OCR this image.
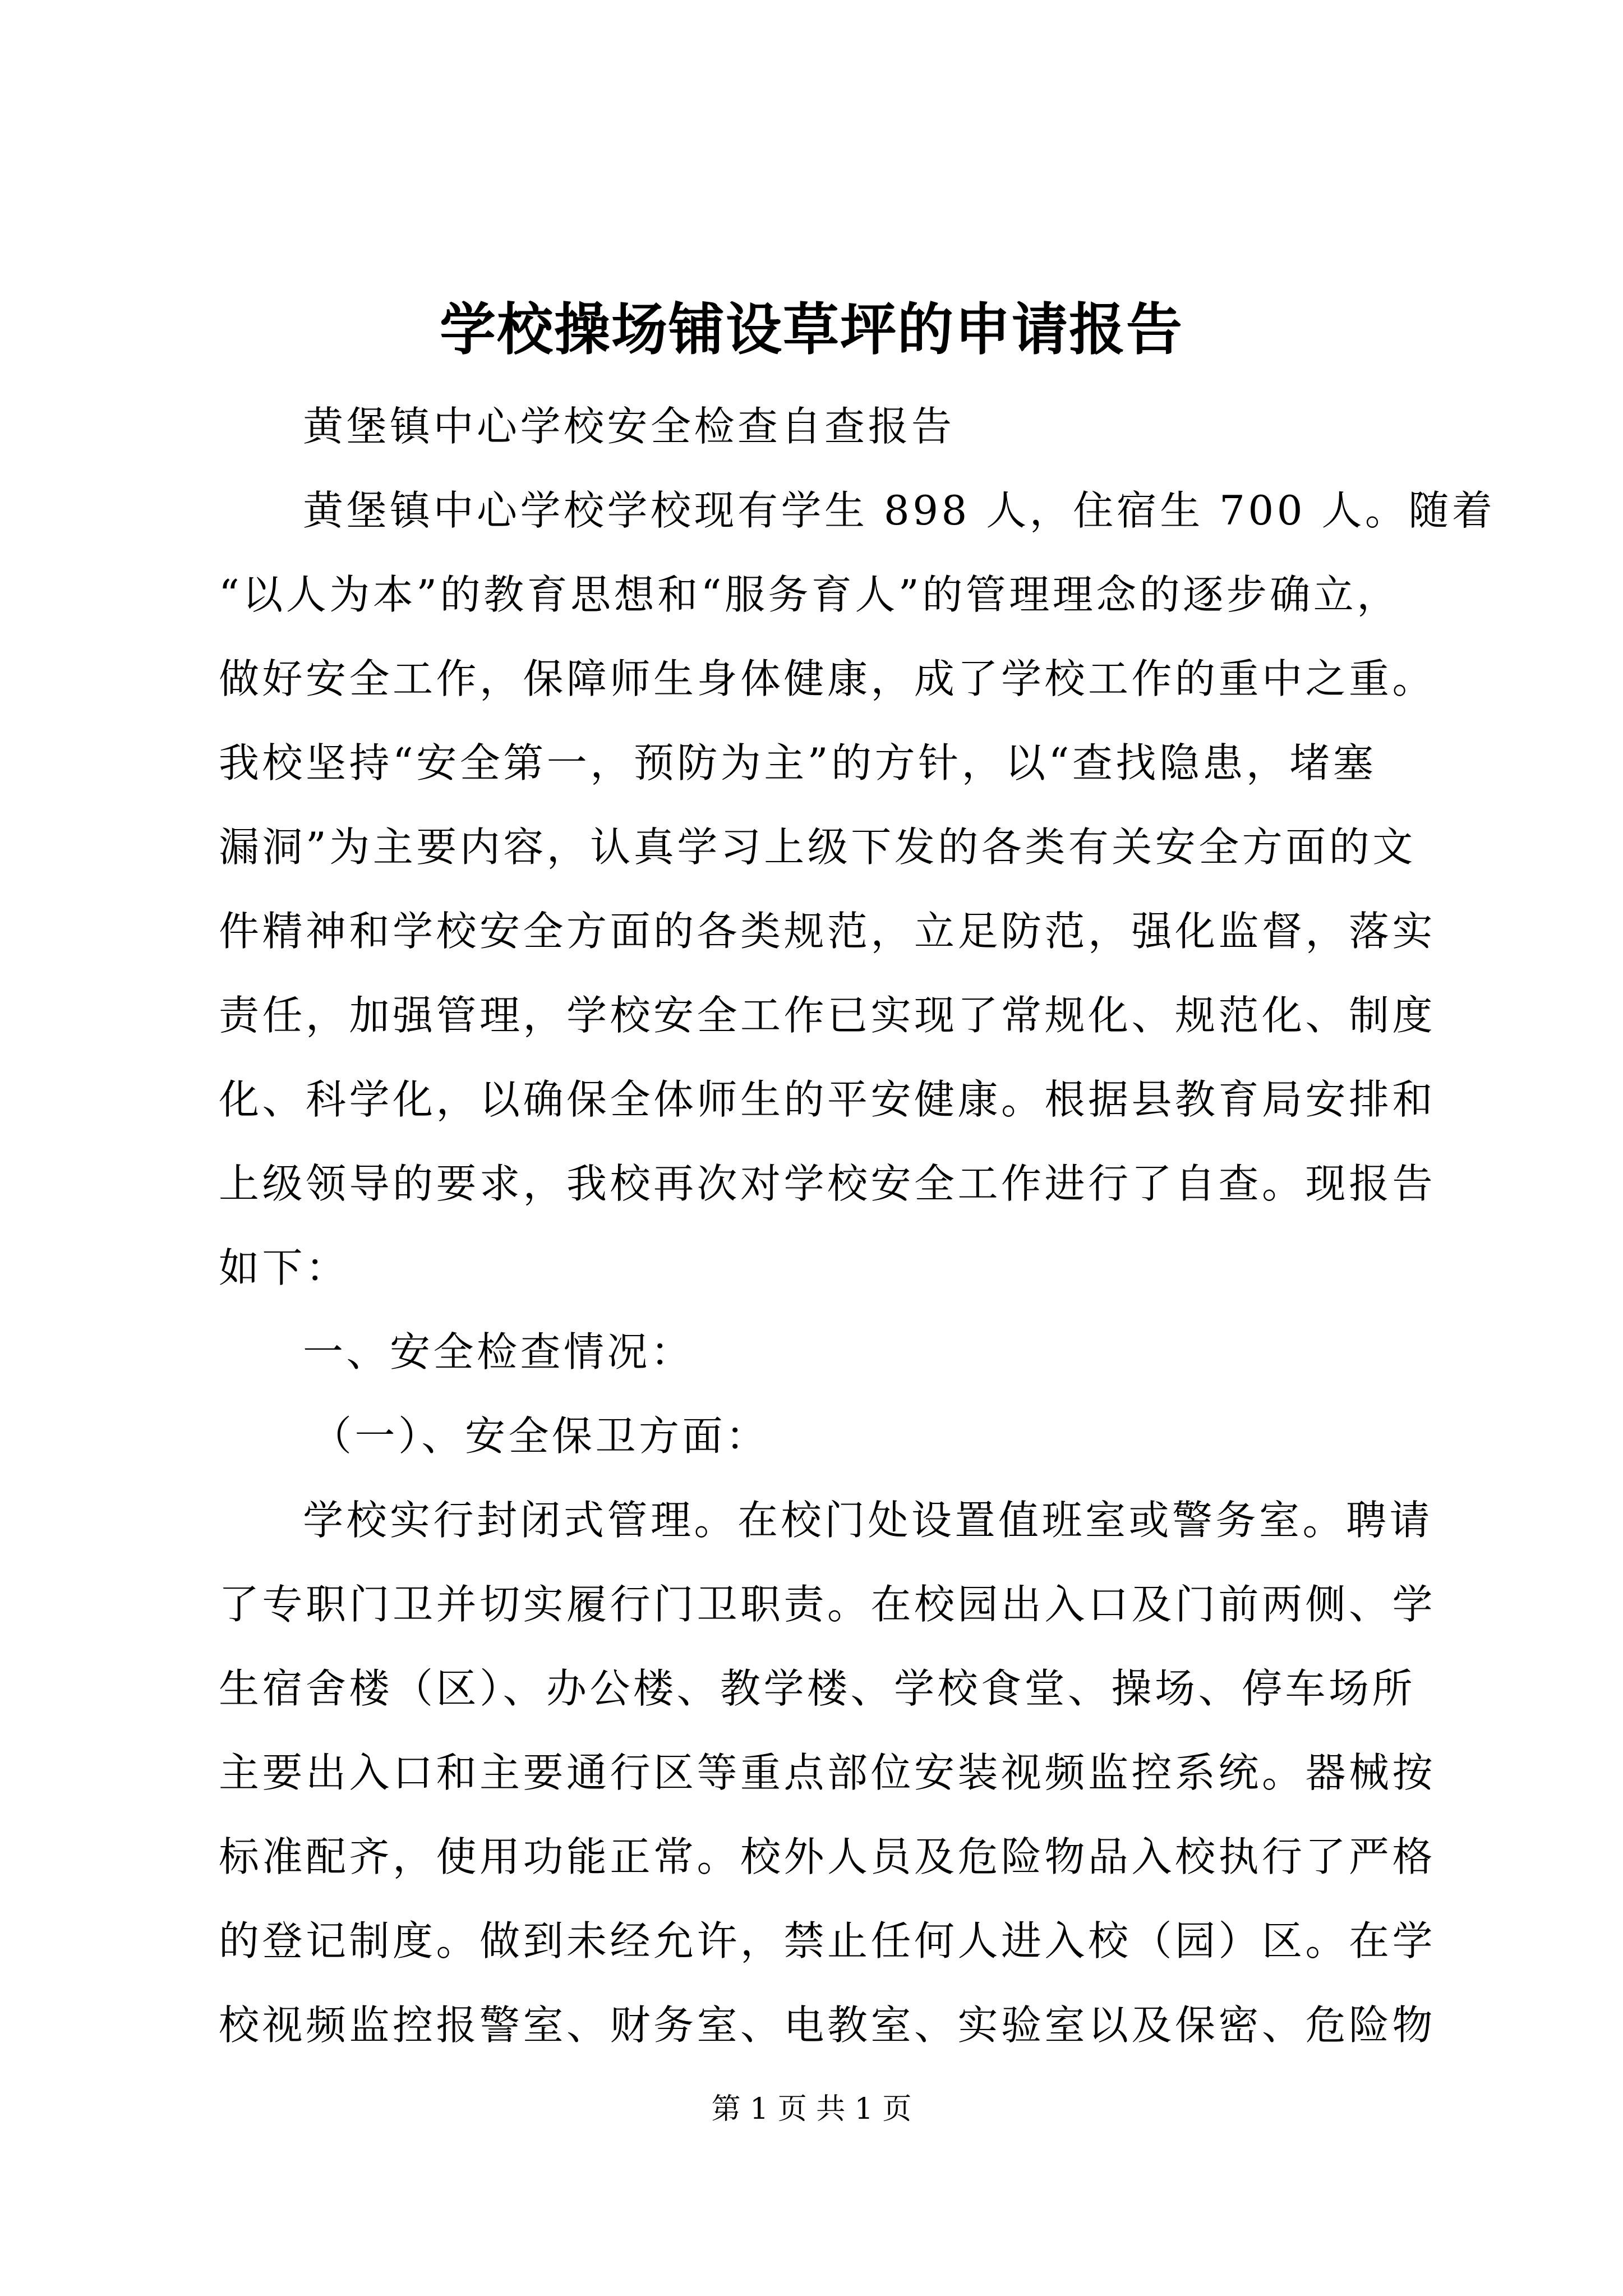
学校操场铺设草坪的申请报告
黄堡镇中心学校安全检查自查报告
黄堡镇中心学校学校现有学生 898 人，住宿生 700 人。随着
“以人为本”的教育思想和“服务育人”的管理理念的逐步确立，
做好安全工作，保障师生身体健康，成了学校工作的重中之重。
我校坚持“安全第一，预防为主”的方针，以“查找隐患，堵塞
漏洞”为主要内容，认真学习上级下发的各类有关安全方面的文
件精神和学校安全方面的各类规范，立足防范，强化监督，落实
责任，加强管理，学校安全工作已实现了常规化、规范化、制度
化、科学化，以确保全体师生的平安健康。根据县教育局安排和
上级领导的要求，我校再次对学校安全工作进行了自查。现报告
如下：
一、安全检查情况：
（一）、安全保卫方面：
学校实行封闭式管理。在校门处设置值班室或警务室。聘请
了专职门卫并切实履行门卫职责。在校园出入口及门前两侧、学
生宿舍楼（区）、办公楼、教学楼、学校食堂、操场、停车场所
主要出入口和主要通行区等重点部位安装视频监控系统。器械按
标准配齐，使用功能正常。校外人员及危险物品入校执行了严格
的登记制度。做到未经允许，禁止任何人进入校（园）区。在学
校视频监控报警室、财务室、电教室、实验室以及保密、危险物
第 1 页 共 1 页
